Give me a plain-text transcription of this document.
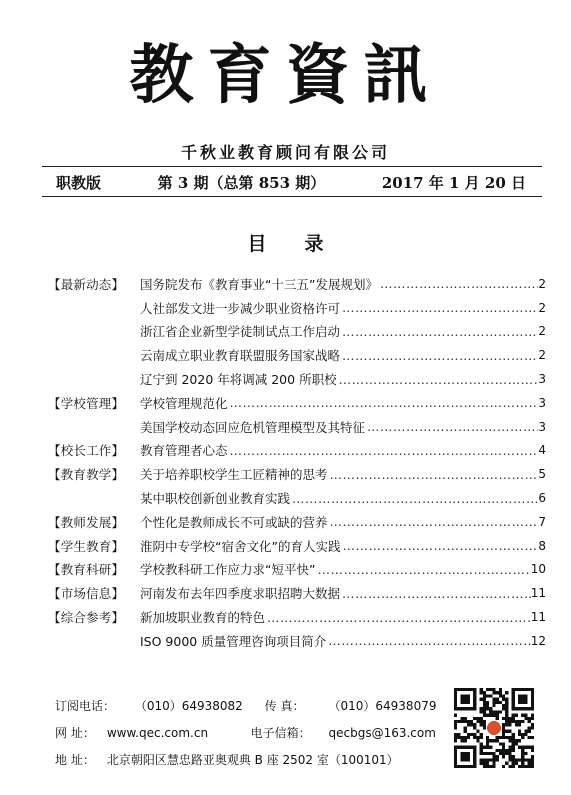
教育資訊
千秋业教育顾问有限公司
职教版	第 3 期（总第 853 期）	2017 年 1 月 20 日
目录
【最新动态】	国务院发布《教育事业“十三五”发展规划》 ……………………………………………………………………………………………	2
人社部发文进一步减少职业资格许可 ……………………………………………………………………………………………	2
浙江省企业新型学徒制试点工作启动 ……………………………………………………………………………………………	2
云南成立职业教育联盟服务国家战略 ……………………………………………………………………………………………	2
辽宁到 2020 年将调减 200 所职校 ……………………………………………………………………………………………	3
【学校管理】	学校管理规范化 ……………………………………………………………………………………………	3
美国学校动态回应危机管理模型及其特征 ……………………………………………………………………………………………	3
【校长工作】	教育管理者心态 ……………………………………………………………………………………………	4
【教育教学】	关于培养职校学生工匠精神的思考 ……………………………………………………………………………………………	5
某中职校创新创业教育实践 ……………………………………………………………………………………………	6
【教师发展】	个性化是教师成长不可或缺的营养 ……………………………………………………………………………………………	7
【学生教育】	淮阴中专学校“宿舍文化”的育人实践 ……………………………………………………………………………………………	8
【教育科研】	学校教科研工作应力求“短平快” ……………………………………………………………………………………………	10
【市场信息】	河南发布去年四季度求职招聘大数据 ……………………………………………………………………………………………	11
【综合参考】	新加坡职业教育的特色 ……………………………………………………………………………………………	11
ISO 9000 质量管理咨询项目简介 ……………………………………………………………………………………………	12
订阅电话： （010）64938082 传 真： （010）64938079
网 址： www.qec.com.cn	电子信箱： qecbgs@163.com
地 址： 北京朝阳区慧忠路亚奥观典 B 座 2502 室（100101）
